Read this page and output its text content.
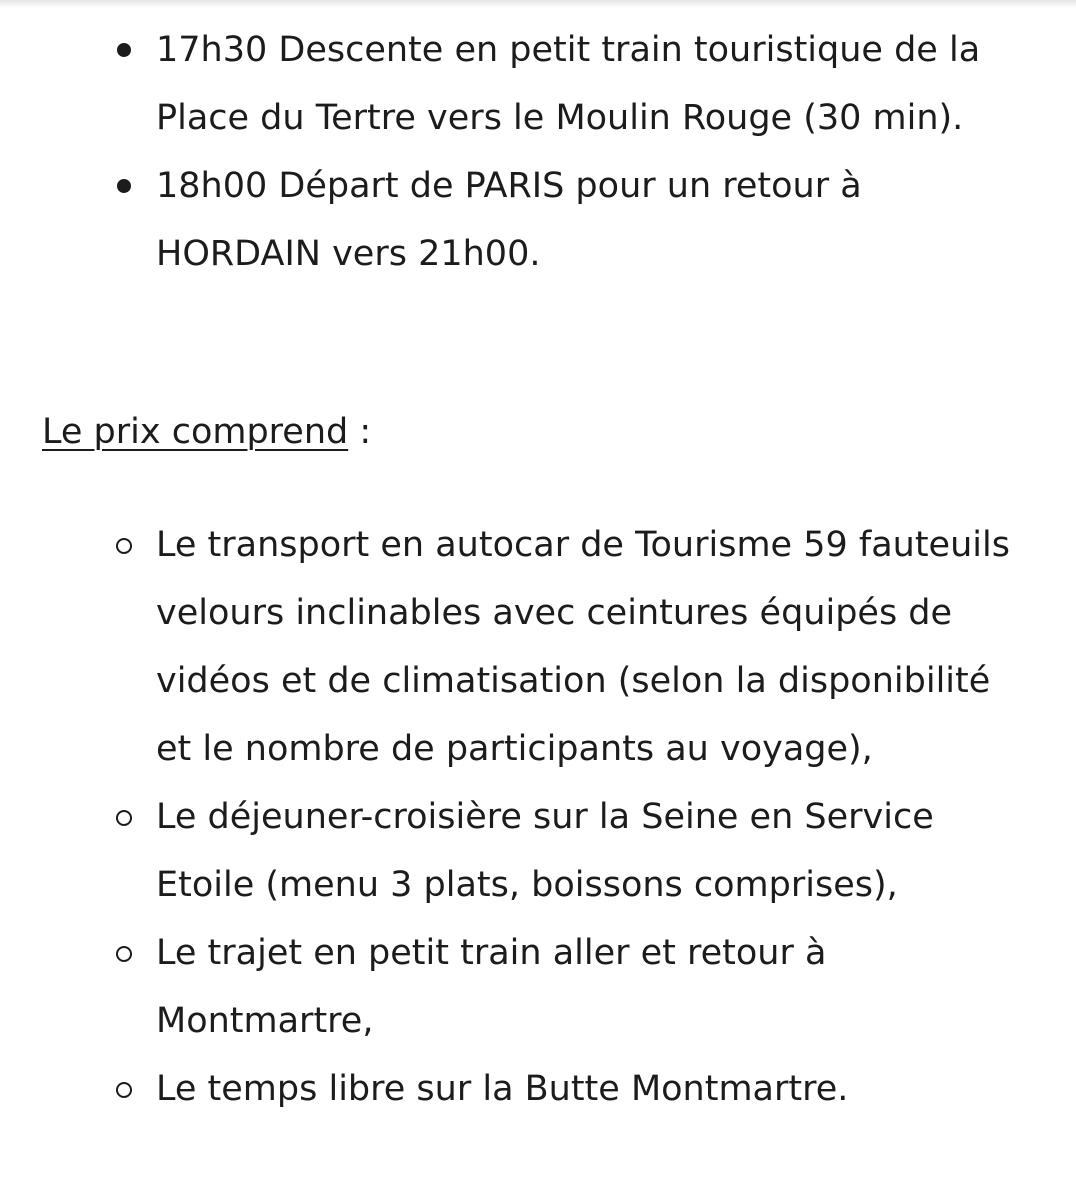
17h30 Descente en petit train touristique de la Place du Tertre vers le Moulin Rouge (30 min).
18h00 Départ de PARIS pour un retour à HORDAIN vers 21h00.
Le prix comprend :
Le transport en autocar de Tourisme 59 fauteuils velours inclinables avec ceintures équipés de vidéos et de climatisation (selon la disponibilité et le nombre de participants au voyage),
Le déjeuner-croisière sur la Seine en Service Etoile (menu 3 plats, boissons comprises),
Le trajet en petit train aller et retour à Montmartre,
Le temps libre sur la Butte Montmartre.
